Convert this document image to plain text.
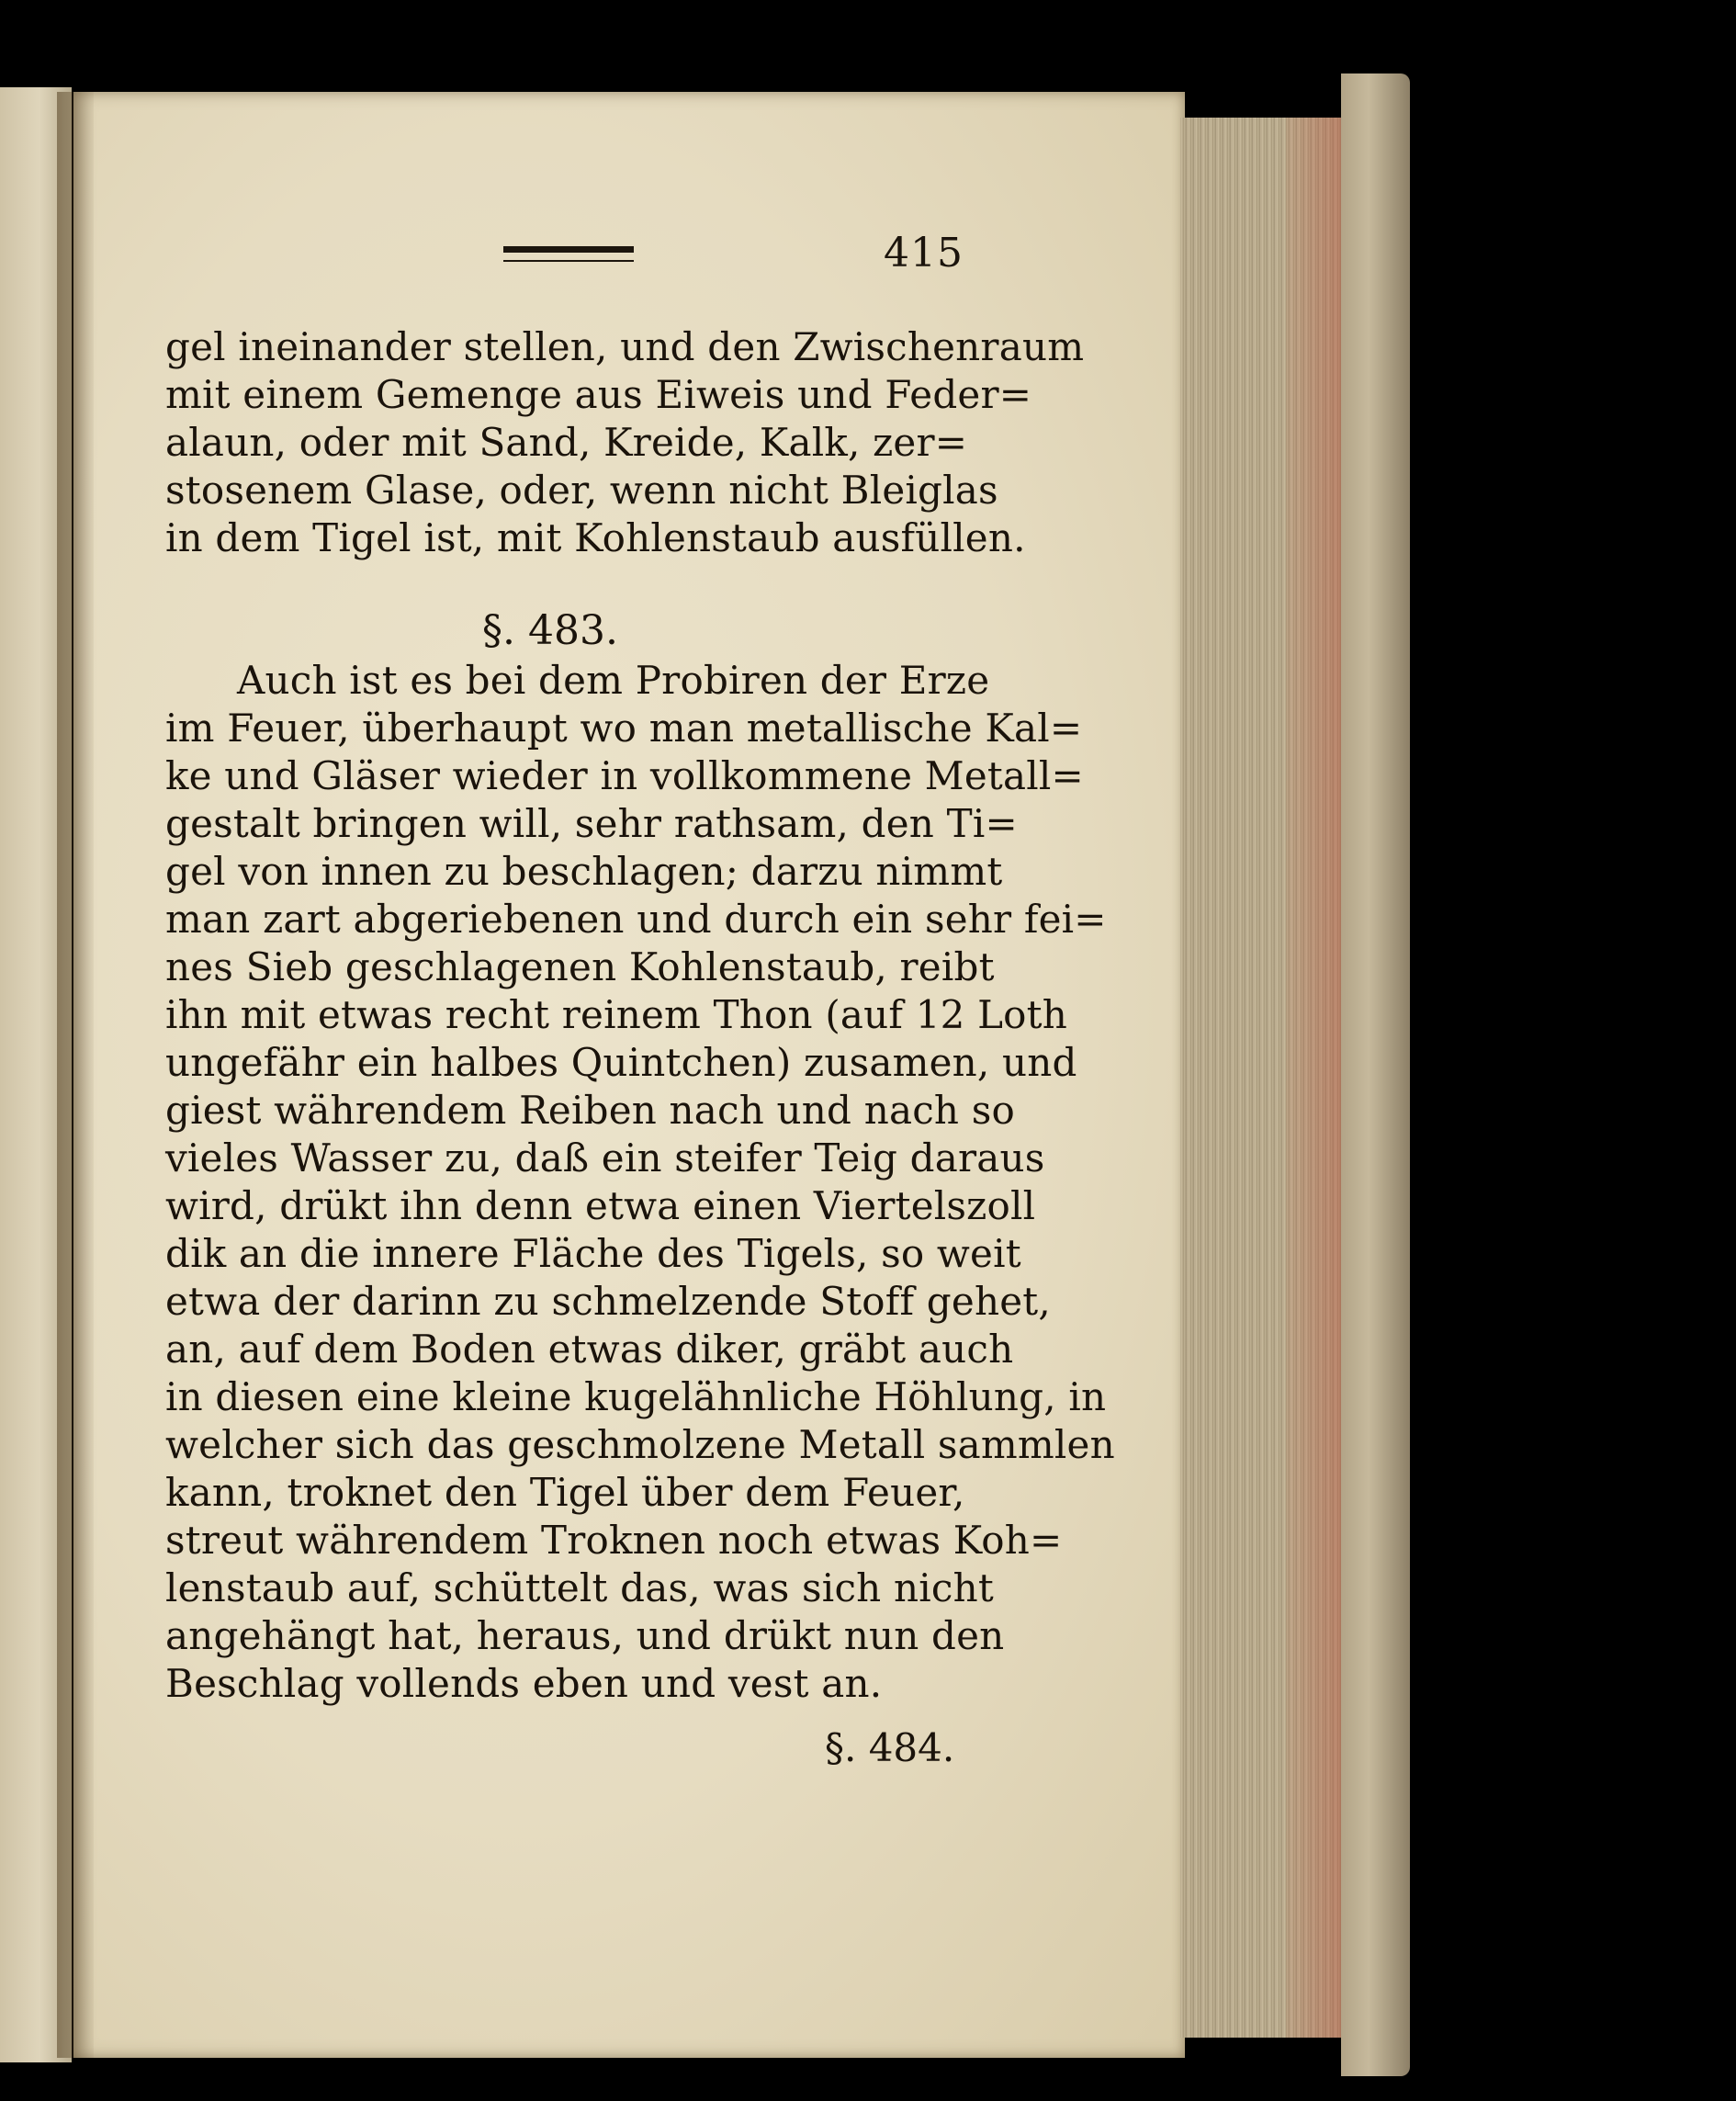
415
gel ineinander stellen, und den Zwischenraum
mit einem Gemenge aus Eiweis und Feder=
alaun, oder mit Sand, Kreide, Kalk, zer=
stosenem Glase, oder, wenn nicht Bleiglas
in dem Tigel ist, mit Kohlenstaub ausfüllen.
§. 483.
Auch ist es bei dem Probiren der Erze
im Feuer, überhaupt wo man metallische Kal=
ke und Gläser wieder in vollkommene Metall=
gestalt bringen will, sehr rathsam, den Ti=
gel von innen zu beschlagen; darzu nimmt
man zart abgeriebenen und durch ein sehr fei=
nes Sieb geschlagenen Kohlenstaub, reibt
ihn mit etwas recht reinem Thon (auf 12 Loth
ungefähr ein halbes Quintchen) zusamen, und
giest währendem Reiben nach und nach so
vieles Wasser zu, daß ein steifer Teig daraus
wird, drükt ihn denn etwa einen Viertelszoll
dik an die innere Fläche des Tigels, so weit
etwa der darinn zu schmelzende Stoff gehet,
an, auf dem Boden etwas diker, gräbt auch
in diesen eine kleine kugelähnliche Höhlung, in
welcher sich das geschmolzene Metall sammlen
kann, troknet den Tigel über dem Feuer,
streut währendem Troknen noch etwas Koh=
lenstaub auf, schüttelt das, was sich nicht
angehängt hat, heraus, und drükt nun den
Beschlag vollends eben und vest an.
§. 484.
